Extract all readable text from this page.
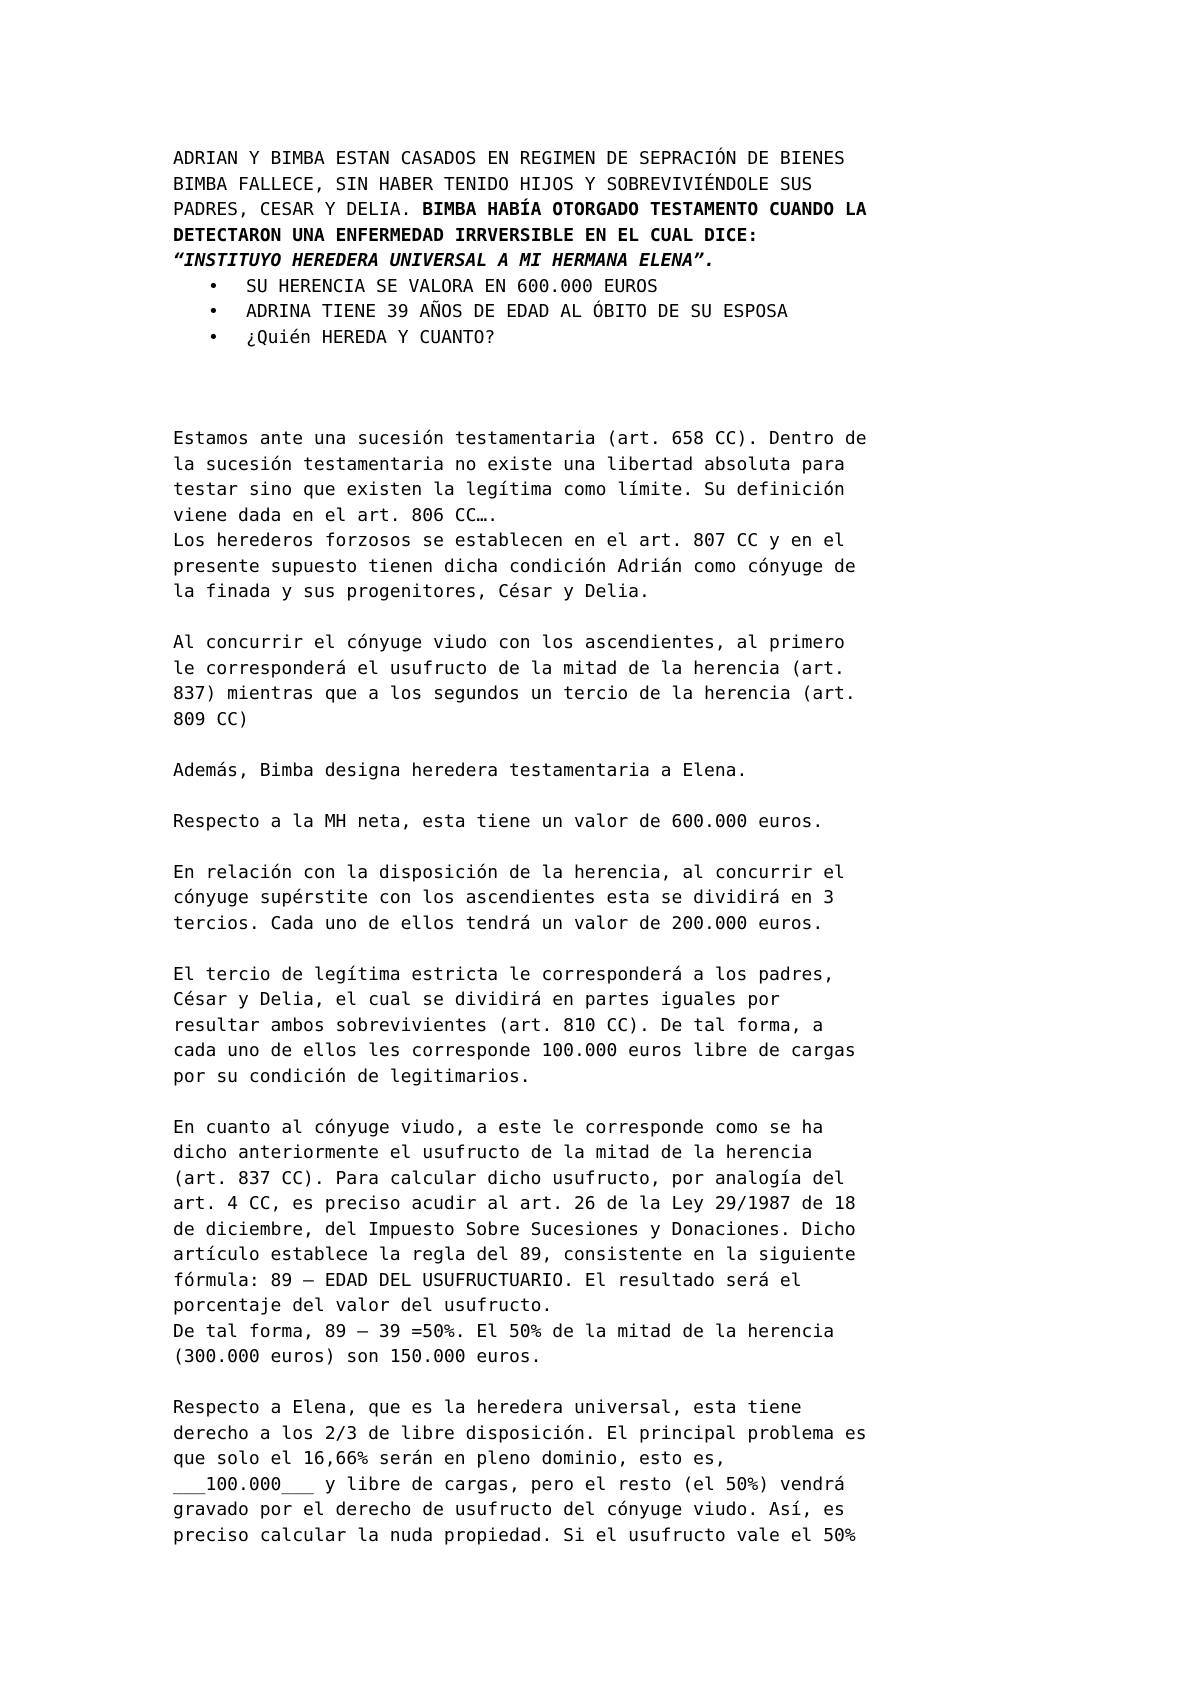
ADRIAN Y BIMBA ESTAN CASADOS EN REGIMEN DE SEPRACIÓN DE BIENES
BIMBA FALLECE, SIN HABER TENIDO HIJOS Y SOBREVIVIÉNDOLE SUS
PADRES, CESAR Y DELIA. BIMBA HABÍA OTORGADO TESTAMENTO CUANDO LA
DETECTARON UNA ENFERMEDAD IRRVERSIBLE EN EL CUAL DICE:
“INSTITUYO HEREDERA UNIVERSAL A MI HERMANA ELENA”.
• SU HERENCIA SE VALORA EN 600.000 EUROS
• ADRINA TIENE 39 AÑOS DE EDAD AL ÓBITO DE SU ESPOSA
• ¿Quién HEREDA Y CUANTO?

Estamos ante una sucesión testamentaria (art. 658 CC). Dentro de
la sucesión testamentaria no existe una libertad absoluta para
testar sino que existen la legítima como límite. Su definición
viene dada en el art. 806 CC….

Los herederos forzosos se establecen en el art. 807 CC y en el
presente supuesto tienen dicha condición Adrián como cónyuge de
la finada y sus progenitores, César y Delia.

Al concurrir el cónyuge viudo con los ascendientes, al primero
le corresponderá el usufructo de la mitad de la herencia (art.
837) mientras que a los segundos un tercio de la herencia (art.
809 CC)

Además, Bimba designa heredera testamentaria a Elena.

Respecto a la MH neta, esta tiene un valor de 600.000 euros.

En relación con la disposición de la herencia, al concurrir el
cónyuge supérstite con los ascendientes esta se dividirá en 3
tercios. Cada uno de ellos tendrá un valor de 200.000 euros.

El tercio de legítima estricta le corresponderá a los padres,
César y Delia, el cual se dividirá en partes iguales por
resultar ambos sobrevivientes (art. 810 CC). De tal forma, a
cada uno de ellos les corresponde 100.000 euros libre de cargas
por su condición de legitimarios.

En cuanto al cónyuge viudo, a este le corresponde como se ha
dicho anteriormente el usufructo de la mitad de la herencia
(art. 837 CC). Para calcular dicho usufructo, por analogía del
art. 4 CC, es preciso acudir al art. 26 de la Ley 29/1987 de 18
de diciembre, del Impuesto Sobre Sucesiones y Donaciones. Dicho
artículo establece la regla del 89, consistente en la siguiente
fórmula: 89 – EDAD DEL USUFRUCTUARIO. El resultado será el
porcentaje del valor del usufructo.
De tal forma, 89 – 39 =50%. El 50% de la mitad de la herencia
(300.000 euros) son 150.000 euros.

Respecto a Elena, que es la heredera universal, esta tiene
derecho a los 2/3 de libre disposición. El principal problema es
que solo el 16,66% serán en pleno dominio, esto es,
___100.000___ y libre de cargas, pero el resto (el 50%) vendrá
gravado por el derecho de usufructo del cónyuge viudo. Así, es
preciso calcular la nuda propiedad. Si el usufructo vale el 50%
